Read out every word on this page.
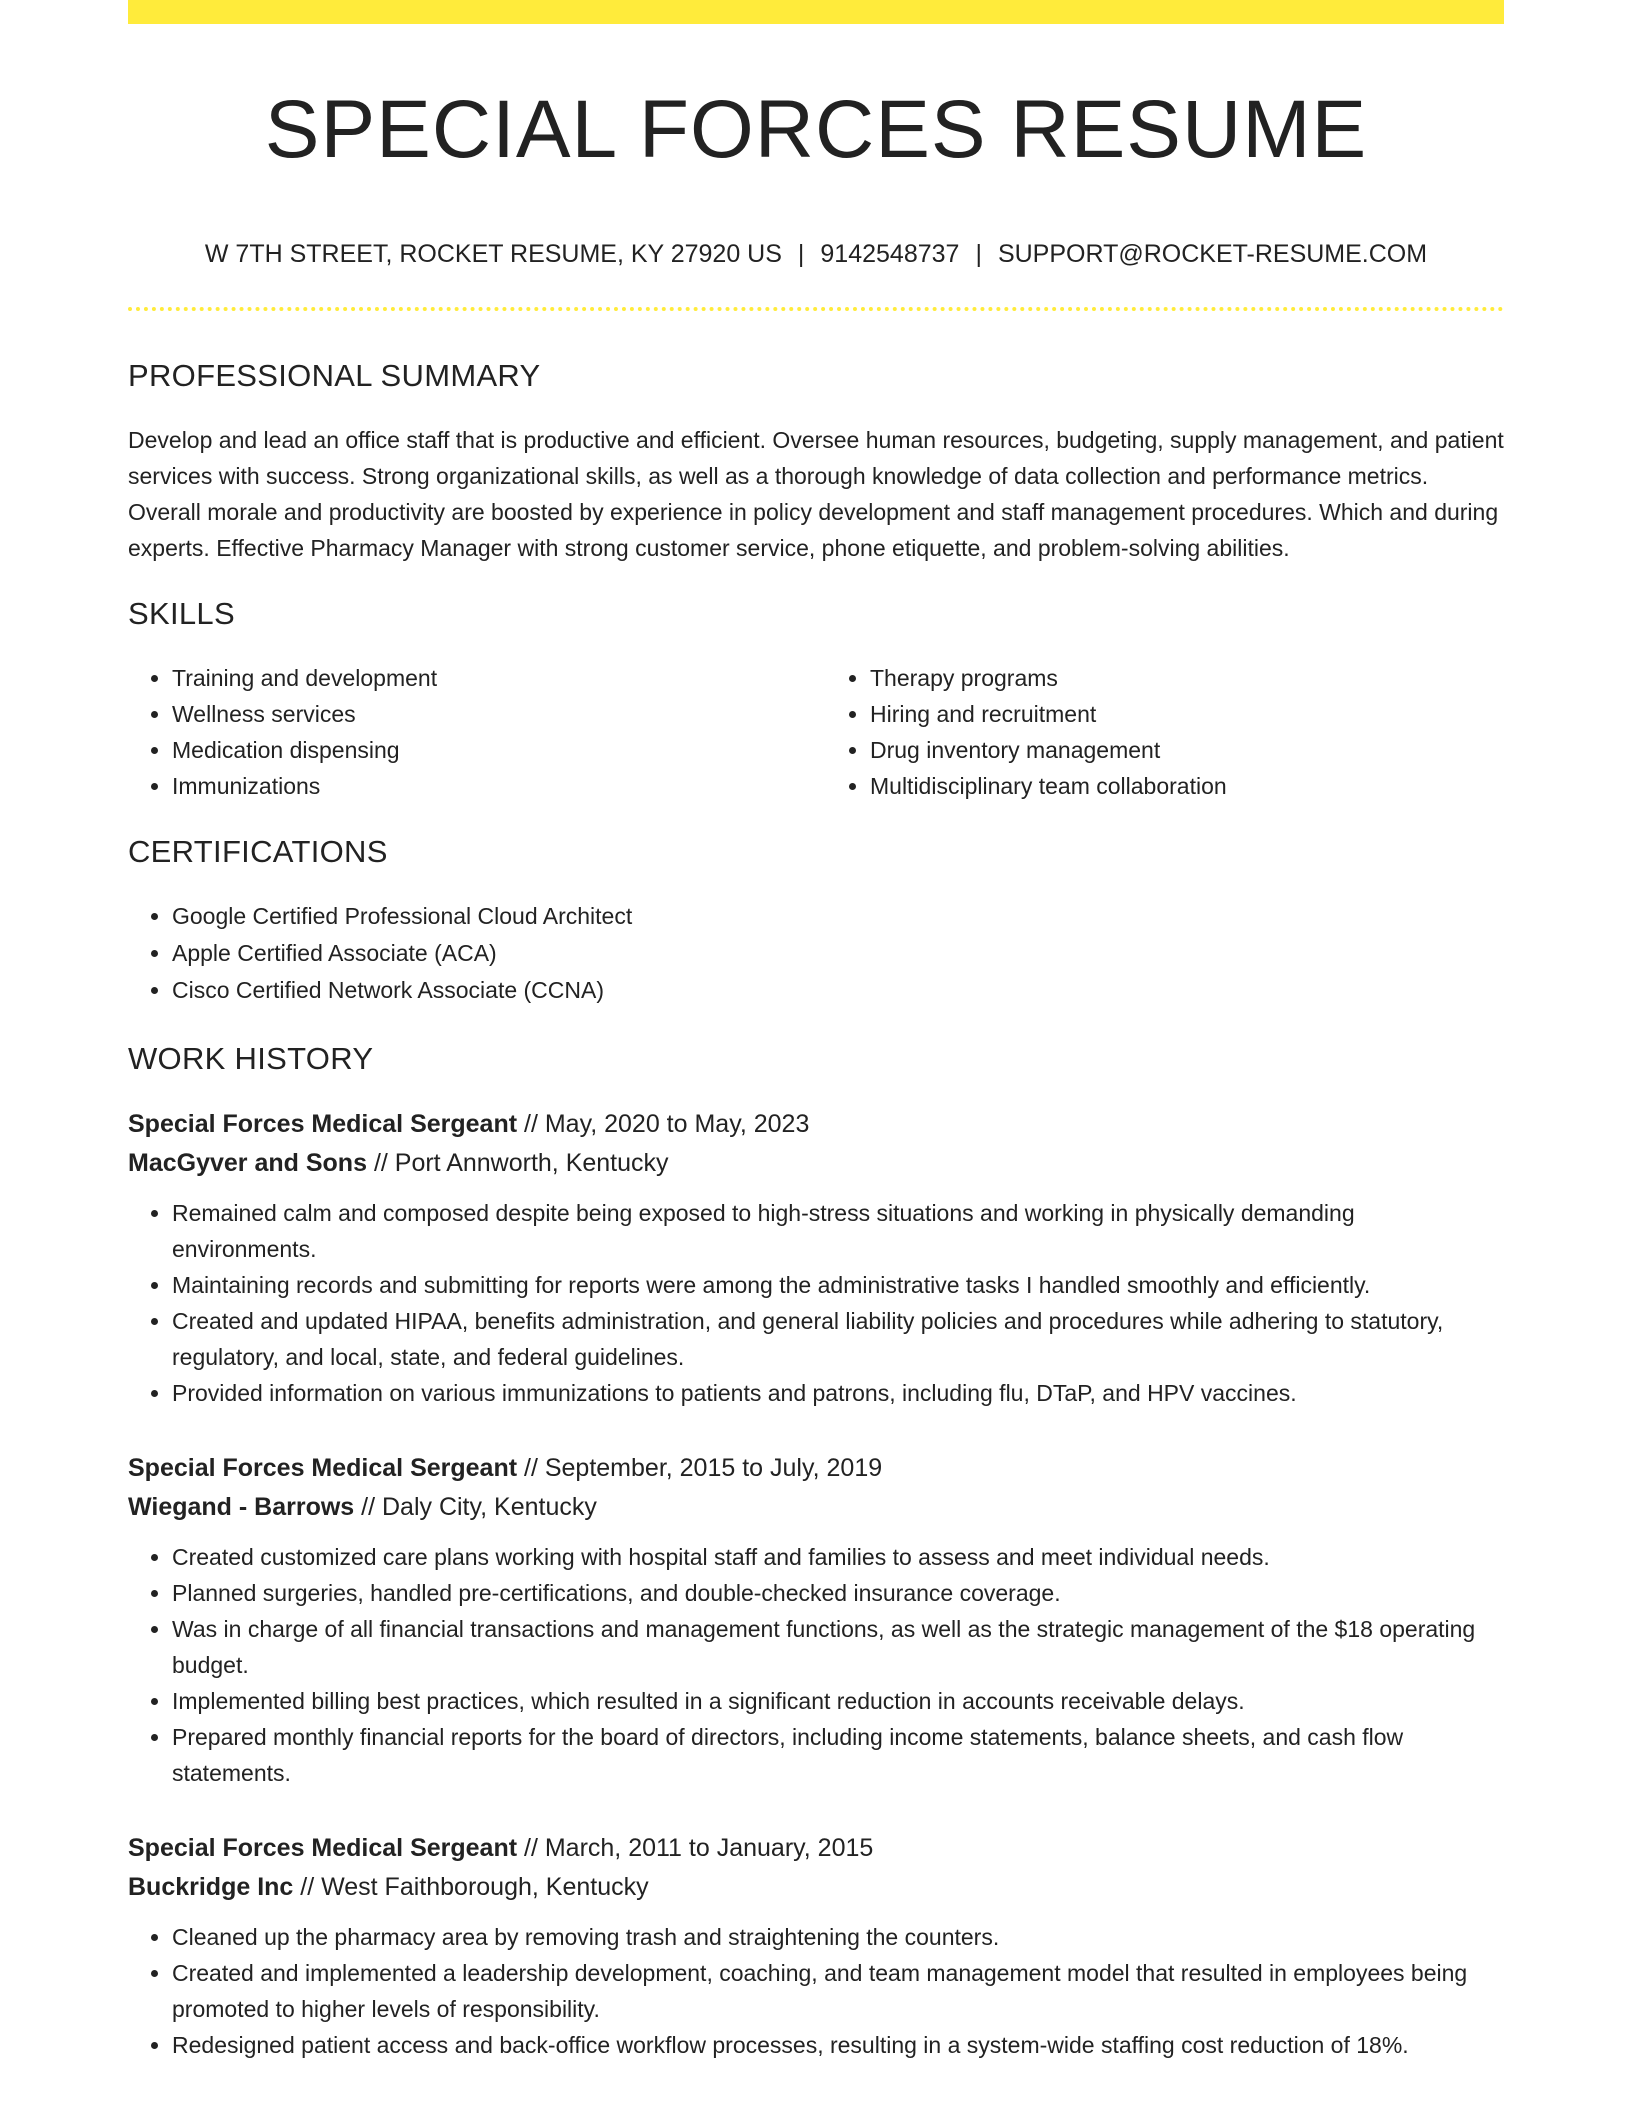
SPECIAL FORCES RESUME
W 7TH STREET, ROCKET RESUME, KY 27920 US | 9142548737 | SUPPORT@ROCKET-RESUME.COM
PROFESSIONAL SUMMARY

Develop and lead an office staff that is productive and efficient. Oversee human resources, budgeting, supply management, and patient services with success. Strong organizational skills, as well as a thorough knowledge of data collection and performance metrics. Overall morale and productivity are boosted by experience in policy development and staff management procedures. Which and during experts. Effective Pharmacy Manager with strong customer service, phone etiquette, and problem-solving abilities.

SKILLS
• Training and development
• Wellness services
• Medication dispensing
• Immunizations
• Therapy programs
• Hiring and recruitment
• Drug inventory management
• Multidisciplinary team collaboration
CERTIFICATIONS
• Google Certified Professional Cloud Architect
• Apple Certified Associate (ACA)
• Cisco Certified Network Associate (CCNA)
WORK HISTORY
Special Forces Medical Sergeant // May, 2020 to May, 2023
MacGyver and Sons // Port Annworth, Kentucky
• Remained calm and composed despite being exposed to high-stress situations and working in physically demanding environments.
• Maintaining records and submitting for reports were among the administrative tasks I handled smoothly and efficiently.
• Created and updated HIPAA, benefits administration, and general liability policies and procedures while adhering to statutory, regulatory, and local, state, and federal guidelines.
• Provided information on various immunizations to patients and patrons, including flu, DTaP, and HPV vaccines.
Special Forces Medical Sergeant // September, 2015 to July, 2019
Wiegand - Barrows // Daly City, Kentucky
• Created customized care plans working with hospital staff and families to assess and meet individual needs.
• Planned surgeries, handled pre-certifications, and double-checked insurance coverage.
• Was in charge of all financial transactions and management functions, as well as the strategic management of the $18 operating budget.
• Implemented billing best practices, which resulted in a significant reduction in accounts receivable delays.
• Prepared monthly financial reports for the board of directors, including income statements, balance sheets, and cash flow statements.
Special Forces Medical Sergeant // March, 2011 to January, 2015
Buckridge Inc // West Faithborough, Kentucky
• Cleaned up the pharmacy area by removing trash and straightening the counters.
• Created and implemented a leadership development, coaching, and team management model that resulted in employees being promoted to higher levels of responsibility.
• Redesigned patient access and back-office workflow processes, resulting in a system-wide staffing cost reduction of 18%.
